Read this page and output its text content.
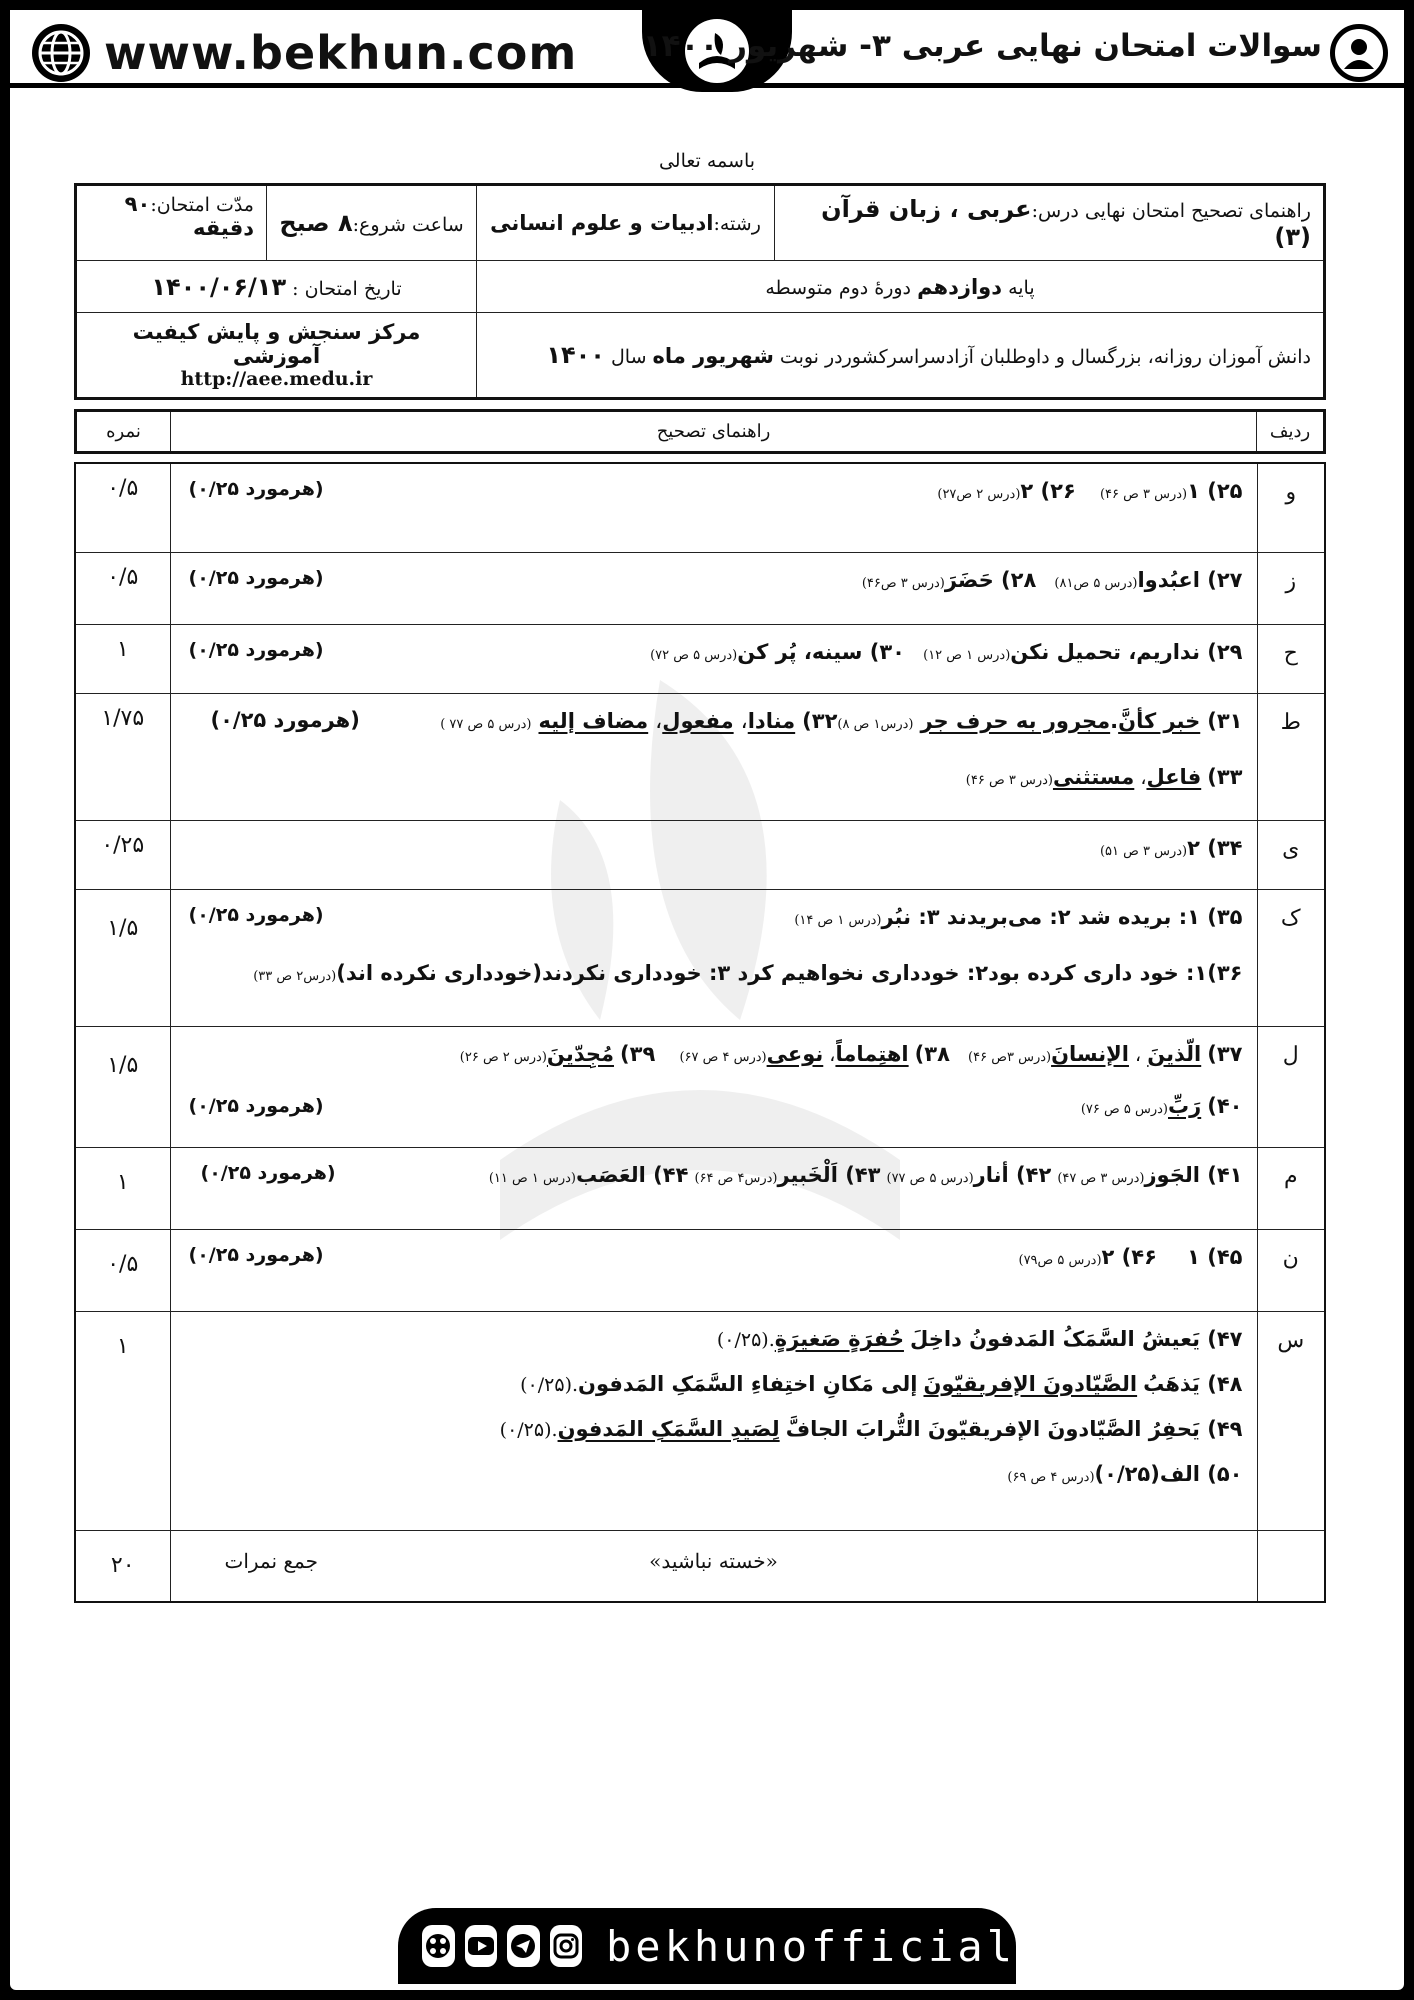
www.bekhun.com سوالات امتحان نهایی عربی ۳- شهریور ۱۴۰۰
باسمه تعالی
راهنمای تصحیح امتحان نهایی درس:عربی ، زبان قرآن (۳)	رشته:ادبیات و علوم انسانی	ساعت شروع:۸ صبح	مدّت امتحان:۹۰ دقیقه
پایه دوازدهم دورهٔ دوم متوسطه		تاریخ امتحان : ۱۴۰۰/۰۶/۱۳	
دانش آموزان روزانه، بزرگسال و داوطلبان آزادسراسرکشوردر نوبت شهریور ماه سال ۱۴۰۰		مرکز سنجش و پایش کیفیت آموزشی
http://aee.medu.ir	
ردیف	راهنمای تصحیح	نمره
و	۲۵) ۱(درس ۳ ص ۴۶)    ۲۶) ۲(درس ۲ ص۲۷)
(هرمورد ۰/۲۵)	۰/۵
ز	۲۷) اعبُدوا(درس ۵ ص۸۱)   ۲۸) حَضَرَ(درس ۳ ص۴۶)
(هرمورد ۰/۲۵)	۰/۵
ح	۲۹) نداریم، تحمیل نکن(درس ۱ ص ۱۲)   ۳۰) سینه، پُر کن(درس ۵ ص ۷۲)
(هرمورد ۰/۲۵)	۱
ط	۳۱) خبر کأنَّ.مجرور به حرف جر (درس۱ ص ۸)۳۲) منادا، مفعول، مضاف إلیه (درس ۵ ص ۷۷ )
۳۳) فاعل، مستثنی(درس ۳ ص ۴۶)
(هرمورد ۰/۲۵)	۱/۷۵
ی	۳۴) ۲(درس ۳ ص ۵۱)	۰/۲۵
ک	۳۵) ۱: بریده شد ۲: می‌بریدند ۳: نبُر(درس ۱ ص ۱۴)
۳۶)۱: خود داری کرده بود۲: خودداری نخواهیم کرد ۳: خودداری نکردند(خودداری نکرده اند)(درس۲ ص ۳۳)
(هرمورد ۰/۲۵)	۱/۵
ل	۳۷) الّذینَ ، الإنسانَ(درس ۳ص ۴۶)   ۳۸) اهتِماماً، نوعی(درس ۴ ص ۶۷)    ۳۹) مُجِدّینَ(درس ۲ ص ۲۶)
۴۰) رَبِّ(درس ۵ ص ۷۶)
(هرمورد ۰/۲۵)	۱/۵
م	۴۱) الجَوز(درس ۳ ص ۴۷) ۴۲) أنار(درس ۵ ص ۷۷) ۴۳) اَلْخَبیر(درس۴ ص ۶۴) ۴۴) العَصَب(درس ۱ ص ۱۱)
(هرمورد ۰/۲۵)	۱
ن	۴۵) ۱     ۴۶) ۲(درس ۵ ص۷۹)
(هرمورد ۰/۲۵)	۰/۵
س	۴۷) یَعیشُ السَّمَکُ المَدفونُ داخِلَ حُفرَةٍ صَغیرَةٍ.(۰/۲۵)
۴۸) یَذهَبُ الصَّیّادونَ الإفریقیّونَ إلی مَکانِ اختِفاءِ السَّمَکِ المَدفون.(۰/۲۵)
۴۹) یَحفِرُ الصَّیّادونَ الإفریقیّونَ التُّرابَ الجافَّ لِصَیدِ السَّمَکِ المَدفون.(۰/۲۵)
۵۰) الف(۰/۲۵)(درس ۴ ص ۶۹)	۱

	«خسته نباشید»
جمع نمرات	۲۰
bekhunofficial
